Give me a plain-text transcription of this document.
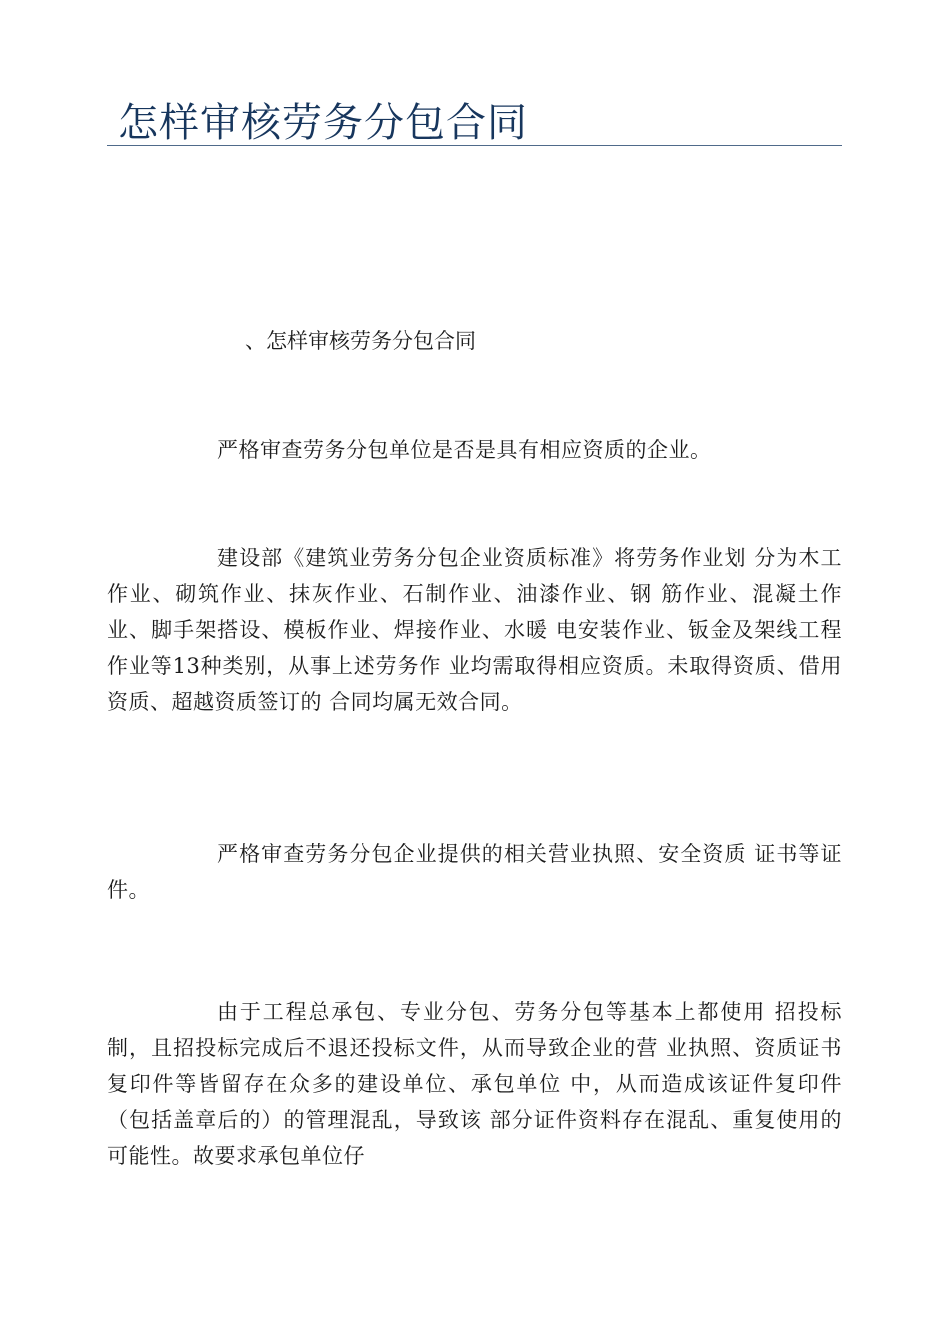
怎样审核劳务分包合同
、怎样审核劳务分包合同

严格审查劳务分包单位是否是具有相应资质的企业。

建设部《建筑业劳务分包企业资质标准》将劳务作业划 分为木工作业、砌筑作业、抹灰作业、石制作业、油漆作业、钢 筋作业、混凝土作业、脚手架搭设、模板作业、焊接作业、水暖 电安装作业、钣金及架线工程作业等13种类别，从事上述劳务作 业均需取得相应资质。未取得资质、借用资质、超越资质签订的 合同均属无效合同。

严格审查劳务分包企业提供的相关营业执照、安全资质 证书等证件。

由于工程总承包、专业分包、劳务分包等基本上都使用 招投标制，且招投标完成后不退还投标文件，从而导致企业的营 业执照、资质证书复印件等皆留存在众多的建设单位、承包单位 中，从而造成该证件复印件（包括盖章后的）的管理混乱，导致该 部分证件资料存在混乱、重复使用的可能性。故要求承包单位仔
